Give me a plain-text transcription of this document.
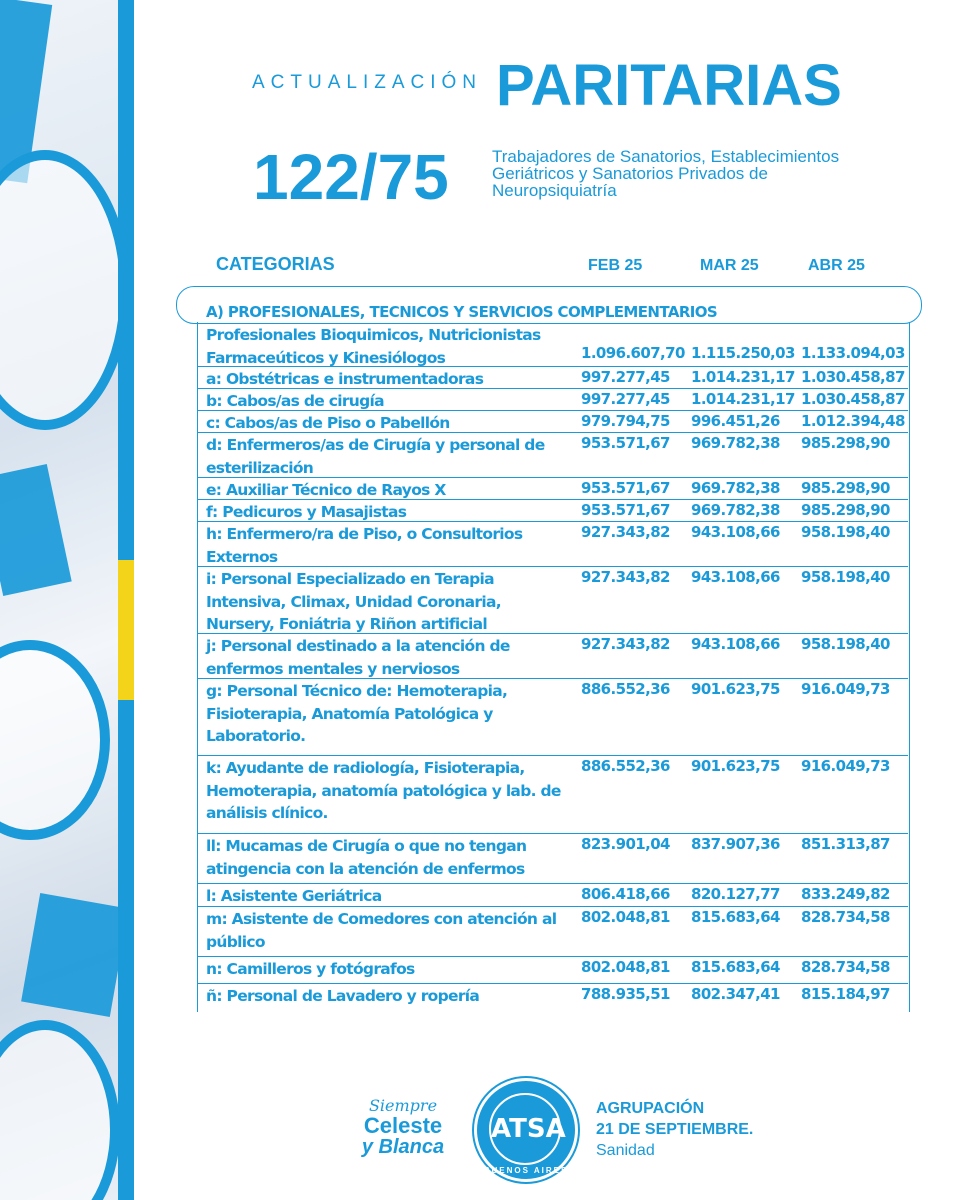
ACTUALIZACIÓN PARITARIAS
122/75	Trabajadores de Sanatorios, Establecimientos Geriátricos y Sanatorios Privados de Neuropsiquiatría
CATEGORIAS	FEB 25	MAR 25	ABR 25
A) PROFESIONALES, TECNICOS Y SERVICIOS COMPLEMENTARIOS
Profesionales Bioquimicos, Nutricionistas Farmaceúticos y Kinesiólogos	1.096.607,70 1.115.250,03 1.133.094,03
a: Obstétricas e instrumentadoras	997.277,45 1.014.231,17 1.030.458,87
b: Cabos/as de cirugía	997.277,45 1.014.231,17 1.030.458,87
c: Cabos/as de Piso o Pabellón	979.794,75 996.451,26 1.012.394,48
d: Enfermeros/as de Cirugía y personal de esterilización
953.571,67 969.782,38 985.298,90
e: Auxiliar Técnico de Rayos X	953.571,67 969.782,38 985.298,90
f: Pedicuros y Masajistas	953.571,67 969.782,38 985.298,90
h: Enfermero/ra de Piso, o Consultorios Externos
927.343,82 943.108,66 958.198,40
i: Personal Especializado en Terapia Intensiva, Climax, Unidad Coronaria, Nursery, Foniátria y Riñon artificial
927.343,82 943.108,66 958.198,40
j: Personal destinado a la atención de enfermos mentales y nerviosos
927.343,82 943.108,66 958.198,40
g: Personal Técnico de: Hemoterapia, Fisioterapia, Anatomía Patológica y Laboratorio.
886.552,36 901.623,75 916.049,73
k: Ayudante de radiología, Fisioterapia, Hemoterapia, anatomía patológica y lab. de análisis clínico.
886.552,36 901.623,75 916.049,73
ll: Mucamas de Cirugía o que no tengan atingencia con la atención de enfermos
823.901,04 837.907,36 851.313,87
l: Asistente Geriátrica	806.418,66 820.127,77 833.249,82
m: Asistente de Comedores con atención al público
802.048,81 815.683,64 828.734,58
n: Camilleros y fotógrafos	802.048,81 815.683,64 828.734,58
ñ: Personal de Lavadero y ropería	788.935,51 802.347,41 815.184,97
Siempre
Celeste
y Blanca
ATSA
BUENOS AIRES
AGRUPACIÓN
21 DE SEPTIEMBRE.
Sanidad
